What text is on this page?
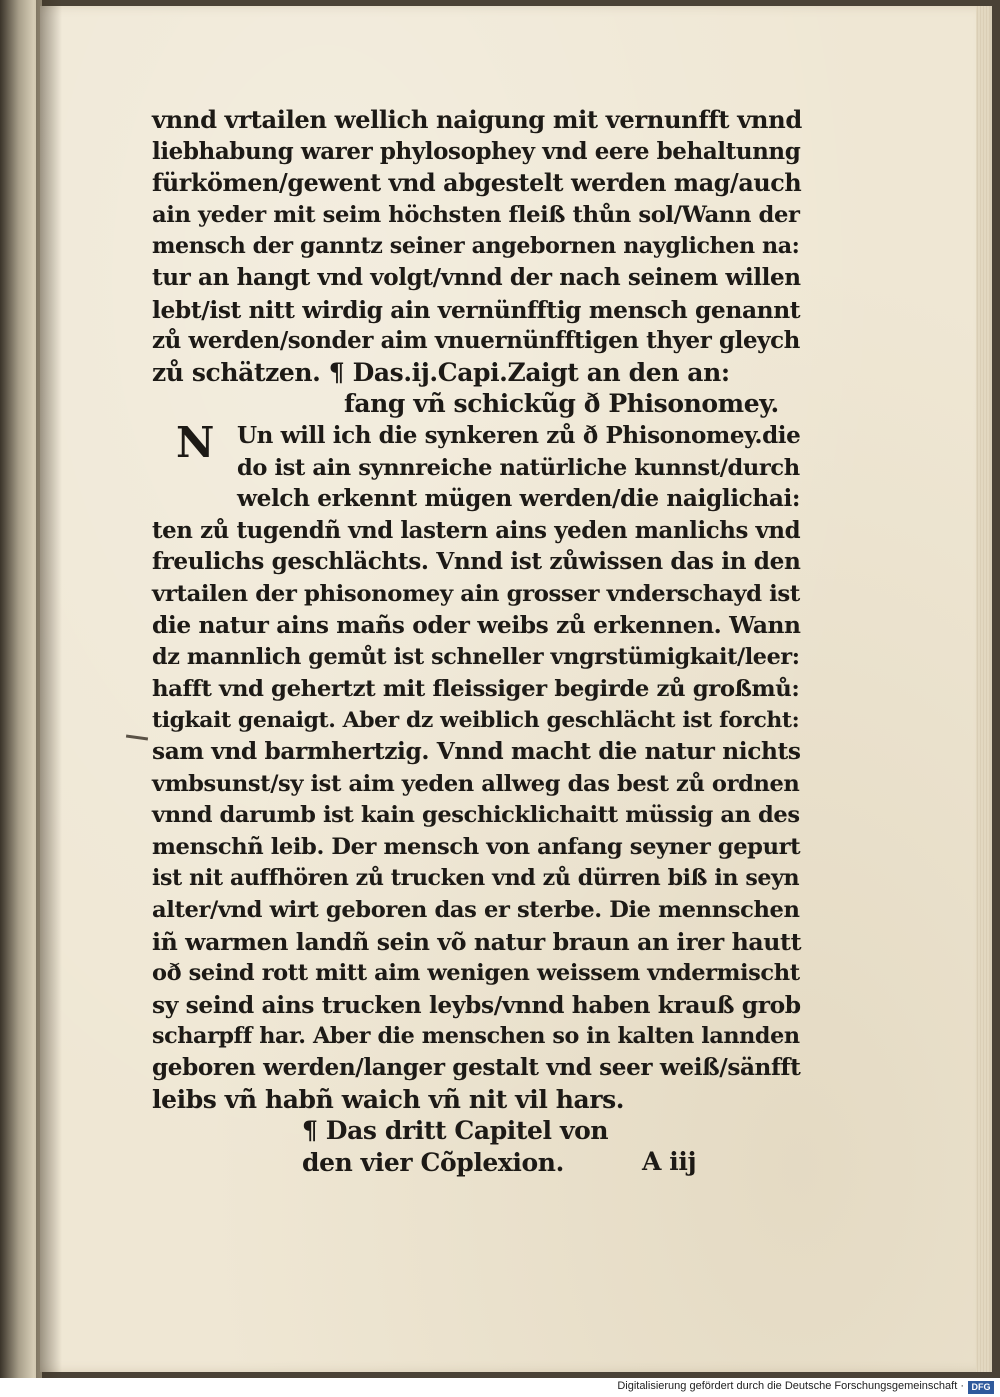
N
vnnd vrtailen wellich naigung mit vernunfft vnnd
liebhabung warer phylosophey vnd eere behaltunng
fürkömen/gewent vnd abgestelt werden mag/auch
ain yeder mit seim höchsten fleiß thůn sol/Wann der
mensch der ganntz seiner angebornen nayglichen na:
tur an hangt vnd volgt/vnnd der nach seinem willen
lebt/ist nitt wirdig ain vernünfftig mensch genannt
zů werden/sonder aim vnuernünfftigen thyer gleych
zů schätzen. ¶ Das.ij.Capi.Zaigt an den an:
fang vñ schickũg ð Phisonomey.
Un will ich die synkeren zů ð Phisonomey.die
do ist ain synnreiche natürliche kunnst/durch
welch erkennt mügen werden/die naiglichai:
ten zů tugendñ vnd lastern ains yeden manlichs vnd
freulichs geschlächts. Vnnd ist zůwissen das in den
vrtailen der phisonomey ain grosser vnderschayd ist
die natur ains mañs oder weibs zů erkennen. Wann
dz mannlich gemůt ist schneller vngrstümigkait/leer:
hafft vnd gehertzt mit fleissiger begirde zů großmů:
tigkait genaigt. Aber dz weiblich geschlächt ist forcht:
sam vnd barmhertzig. Vnnd macht die natur nichts
vmbsunst/sy ist aim yeden allweg das best zů ordnen
vnnd darumb ist kain geschicklichaitt müssig an des
menschñ leib. Der mensch von anfang seyner gepurt
ist nit auffhören zů trucken vnd zů dürren biß in seyn
alter/vnd wirt geboren das er sterbe. Die mennschen
iñ warmen landñ sein võ natur braun an irer hautt
oð seind rott mitt aim wenigen weissem vndermischt
sy seind ains trucken leybs/vnnd haben krauß grob
scharpff har. Aber die menschen so in kalten lannden
geboren werden/langer gestalt vnd seer weiß/sänfft
leibs vñ habñ waich vñ nit vil hars.
¶ Das dritt Capitel von
den vier Cõplexion.	A iij
Digitalisierung gefördert durch die Deutsche Forschungsgemeinschaft · DFG
